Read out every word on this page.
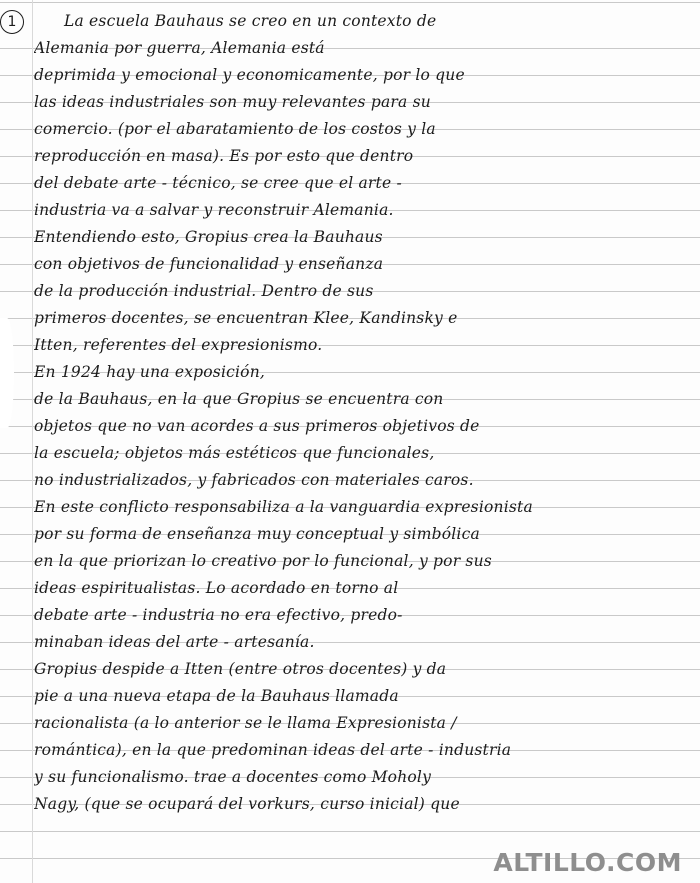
1	La escuela Bauhaus se creo en un contexto de
Alemania por guerra, Alemania está
deprimida y emocional y economicamente, por lo que
las ideas industriales son muy relevantes para su
comercio. (por el abaratamiento de los costos y la
reproducción en masa). Es por esto que dentro
del debate arte - técnico, se cree que el arte -
industria va a salvar y reconstruir Alemania.
Entendiendo esto, Gropius crea la Bauhaus
con objetivos de funcionalidad y enseñanza
de la producción industrial. Dentro de sus
primeros docentes, se encuentran Klee, Kandinsky e
Itten, referentes del expresionismo.
En 1924 hay una exposición,
de la Bauhaus, en la que Gropius se encuentra con
objetos que no van acordes a sus primeros objetivos de
la escuela; objetos más estéticos que funcionales,
no industrializados, y fabricados con materiales caros.
En este conflicto responsabiliza a la vanguardia expresionista
por su forma de enseñanza muy conceptual y simbólica
en la que priorizan lo creativo por lo funcional, y por sus
ideas espiritualistas. Lo acordado en torno al
debate arte - industria no era efectivo, predo-
minaban ideas del arte - artesanía.
Gropius despide a Itten (entre otros docentes) y da
pie a una nueva etapa de la Bauhaus llamada
racionalista (a lo anterior se le llama Expresionista /
romántica), en la que predominan ideas del arte - industria
y su funcionalismo. trae a docentes como Moholy
Nagy, (que se ocupará del vorkurs, curso inicial) que
ALTILLO.COM
